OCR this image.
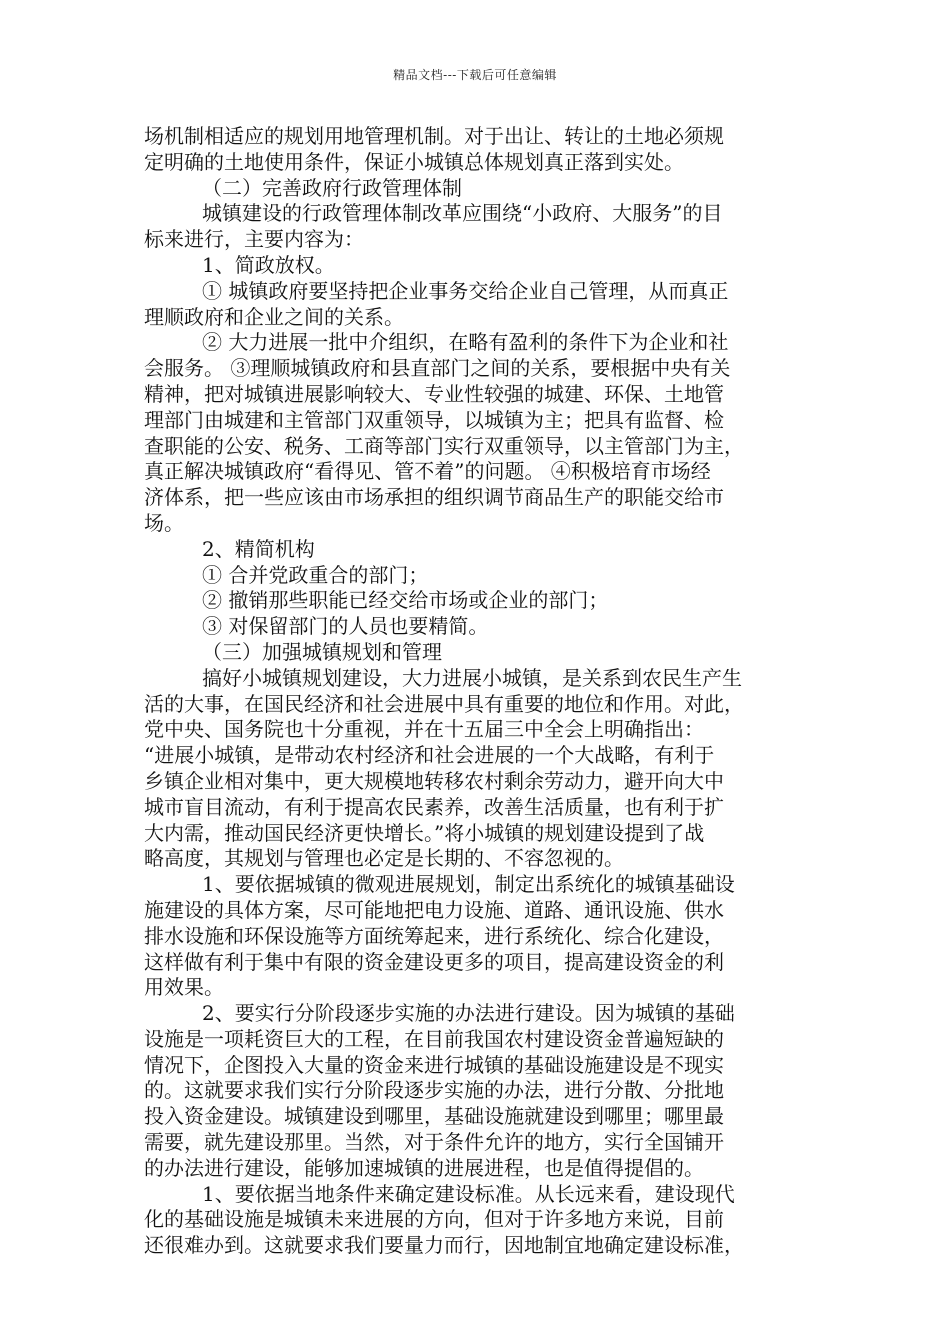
精品文档---下载后可任意编辑
场机制相适应的规划用地管理机制。对于出让、转让的土地必须规
定明确的土地使用条件，保证小城镇总体规划真正落到实处。
（二）完善政府行政管理体制
城镇建设的行政管理体制改革应围绕“小政府、大服务”的目
标来进行，主要内容为：
1、简政放权。
① 城镇政府要坚持把企业事务交给企业自己管理，从而真正
理顺政府和企业之间的关系。
② 大力进展一批中介组织，在略有盈利的条件下为企业和社
会服务。 ③理顺城镇政府和县直部门之间的关系，要根据中央有关
精神，把对城镇进展影响较大、专业性较强的城建、环保、土地管
理部门由城建和主管部门双重领导，以城镇为主；把具有监督、检
查职能的公安、税务、工商等部门实行双重领导，以主管部门为主，
真正解决城镇政府“看得见、管不着”的问题。 ④积极培育市场经
济体系，把一些应该由市场承担的组织调节商品生产的职能交给市
场。
2、精简机构
① 合并党政重合的部门；
② 撤销那些职能已经交给市场或企业的部门；
③ 对保留部门的人员也要精简。
（三）加强城镇规划和管理
搞好小城镇规划建设，大力进展小城镇，是关系到农民生产生
活的大事，在国民经济和社会进展中具有重要的地位和作用。对此，
党中央、国务院也十分重视，并在十五届三中全会上明确指出：
“进展小城镇，是带动农村经济和社会进展的一个大战略，有利于
乡镇企业相对集中，更大规模地转移农村剩余劳动力，避开向大中
城市盲目流动，有利于提高农民素养，改善生活质量，也有利于扩
大内需，推动国民经济更快增长。”将小城镇的规划建设提到了战
略高度，其规划与管理也必定是长期的、不容忽视的。
1、要依据城镇的微观进展规划，制定出系统化的城镇基础设
施建设的具体方案，尽可能地把电力设施、道路、通讯设施、供水
排水设施和环保设施等方面统筹起来，进行系统化、综合化建设，
这样做有利于集中有限的资金建设更多的项目，提高建设资金的利
用效果。
2、要实行分阶段逐步实施的办法进行建设。因为城镇的基础
设施是一项耗资巨大的工程，在目前我国农村建设资金普遍短缺的
情况下，企图投入大量的资金来进行城镇的基础设施建设是不现实
的。这就要求我们实行分阶段逐步实施的办法，进行分散、分批地
投入资金建设。城镇建设到哪里，基础设施就建设到哪里；哪里最
需要，就先建设那里。当然，对于条件允许的地方，实行全国铺开
的办法进行建设，能够加速城镇的进展进程，也是值得提倡的。
1、要依据当地条件来确定建设标准。从长远来看，建设现代
化的基础设施是城镇未来进展的方向，但对于许多地方来说，目前
还很难办到。这就要求我们要量力而行，因地制宜地确定建设标准，
